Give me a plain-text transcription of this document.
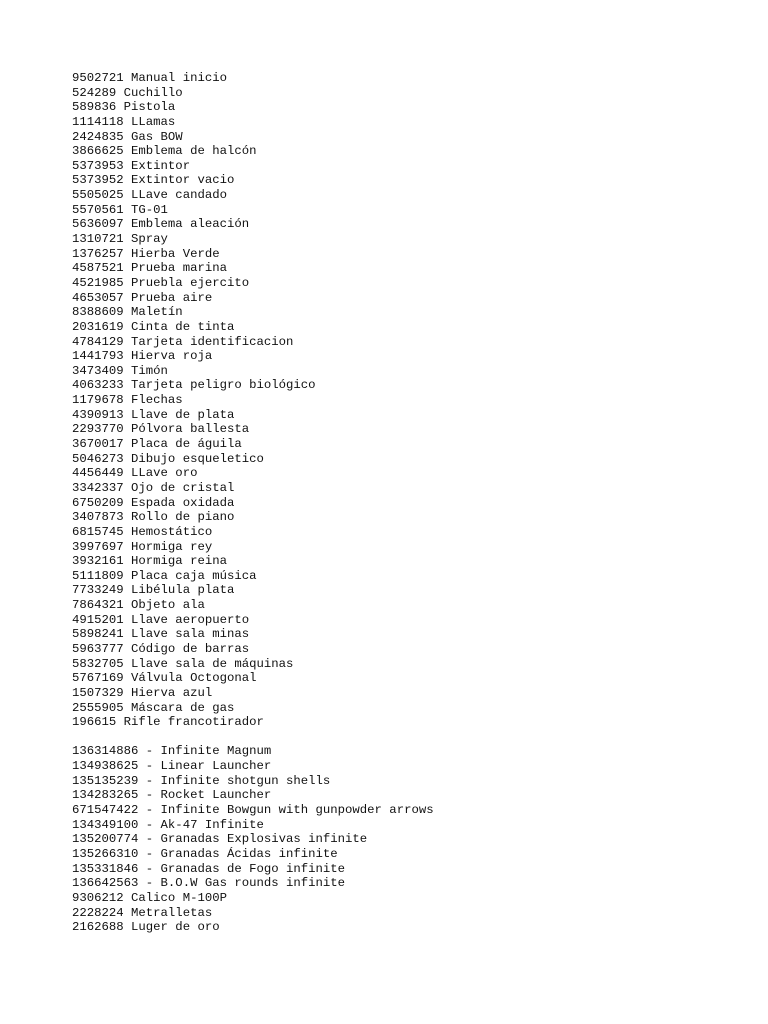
9502721 Manual inicio
524289 Cuchillo
589836 Pistola
1114118 LLamas
2424835 Gas BOW
3866625 Emblema de halcón
5373953 Extintor
5373952 Extintor vacio
5505025 LLave candado
5570561 TG-01
5636097 Emblema aleación
1310721 Spray
1376257 Hierba Verde
4587521 Prueba marina
4521985 Pruebla ejercito
4653057 Prueba aire
8388609 Maletín
2031619 Cinta de tinta
4784129 Tarjeta identificacion
1441793 Hierva roja
3473409 Timón
4063233 Tarjeta peligro biológico
1179678 Flechas
4390913 Llave de plata
2293770 Pólvora ballesta
3670017 Placa de águila
5046273 Dibujo esqueletico
4456449 LLave oro
3342337 Ojo de cristal
6750209 Espada oxidada
3407873 Rollo de piano
6815745 Hemostático
3997697 Hormiga rey
3932161 Hormiga reina
5111809 Placa caja música
7733249 Libélula plata
7864321 Objeto ala
4915201 Llave aeropuerto
5898241 Llave sala minas
5963777 Código de barras
5832705 Llave sala de máquinas
5767169 Válvula Octogonal
1507329 Hierva azul
2555905 Máscara de gas
196615 Rifle francotirador
136314886 - Infinite Magnum
134938625 - Linear Launcher
135135239 - Infinite shotgun shells
134283265 - Rocket Launcher
671547422 - Infinite Bowgun with gunpowder arrows
134349100 - Ak-47 Infinite
135200774 - Granadas Explosivas infinite
135266310 - Granadas Ácidas infinite
135331846 - Granadas de Fogo infinite
136642563 - B.O.W Gas rounds infinite
9306212 Calico M-100P
2228224 Metralletas
2162688 Luger de oro
